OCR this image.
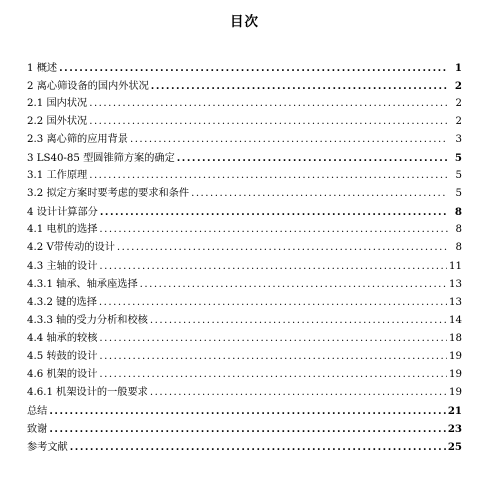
目次
1 概述 .....	1
2 离心筛设备的国内外状况 .....	2
2.1 国内状况 .....	2
2.2 国外状况 .....	2
2.3 离心筛的应用背景 .....	3
3 LS40-85 型圆锥筛方案的确定 .....	5
3.1 工作原理 .....	5
3.2 拟定方案时要考虑的要求和条件 .....	5
4 设计计算部分 .....	8
4.1 电机的选择 .....	8
4.2 V带传动的设计 .....	8
4.3 主轴的设计 .....	11
4.3.1 轴承、轴承座选择 .....	13
4.3.2 键的选择 .....	13
4.3.3 轴的受力分析和校核 .....	14
4.4 轴承的较核 .....	18
4.5 转鼓的设计 .....	19
4.6 机架的设计 .....	19
4.6.1 机架设计的一般要求 .....	19
总结 .....	21
致谢 .....	23
参考文献 .....	25
